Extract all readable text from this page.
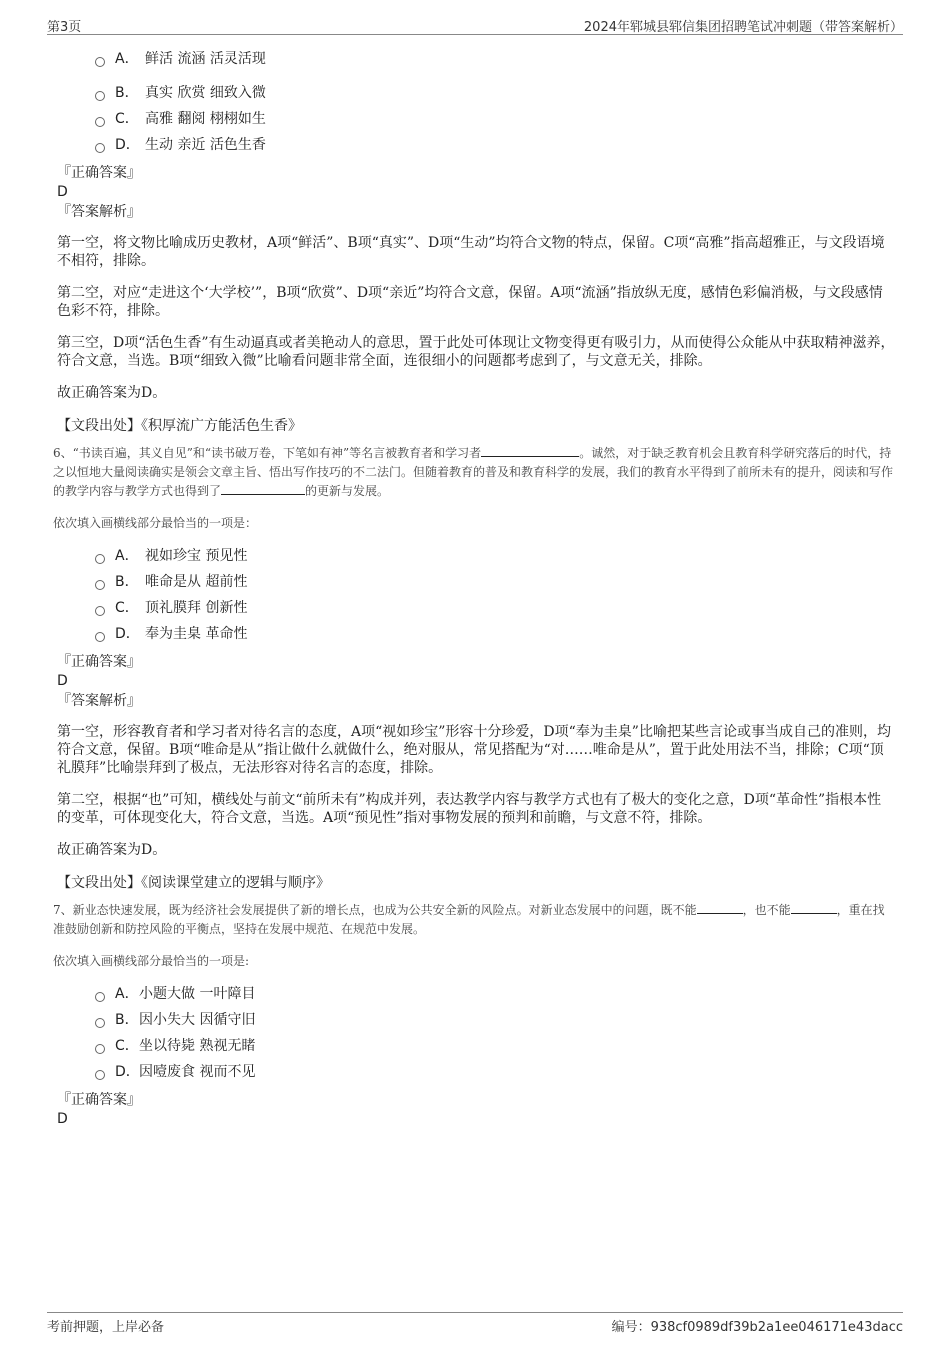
第3页	2024年郓城县郓信集团招聘笔试冲刺题（带答案解析）
A． 鲜活 流涵 活灵活现
B． 真实 欣赏 细致入微
C． 高雅 翻阅 栩栩如生
D． 生动 亲近 活色生香
『正确答案』
D
『答案解析』

第一空，将文物比喻成历史教材，A项“鲜活”、B项“真实”、D项“生动”均符合文物的特点，保留。C项“高雅”指高超雅正，与文段语境不相符，排除。

第二空，对应“走进这个‘大学校’”，B项“欣赏”、D项“亲近”均符合文意，保留。A项“流涵”指放纵无度，感情色彩偏消极，与文段感情色彩不符，排除。

第三空，D项“活色生香”有生动逼真或者美艳动人的意思，置于此处可体现让文物变得更有吸引力，从而使得公众能从中获取精神滋养，符合文意，当选。B项“细致入微”比喻看问题非常全面，连很细小的问题都考虑到了，与文意无关，排除。

故正确答案为D。

【文段出处】《积厚流广方能活色生香》
6、“书读百遍，其义自见”和“读书破万卷，下笔如有神”等名言被教育者和学习者	。诚然，对于缺乏教育机会且教育科学研究落后的时代，持之以恒地大量阅读确实是领会文章主旨、悟出写作技巧的不二法门。但随着教育的普及和教育科学的发展，我们的教育水平得到了前所未有的提升，阅读和写作的教学内容与教学方式也得到了	的更新与发展。
依次填入画横线部分最恰当的一项是：
A． 视如珍宝 预见性
B． 唯命是从 超前性
C． 顶礼膜拜 创新性
D． 奉为圭臬 革命性
『正确答案』
D
『答案解析』

第一空，形容教育者和学习者对待名言的态度，A项“视如珍宝”形容十分珍爱，D项“奉为圭臬”比喻把某些言论或事当成自己的准则，均符合文意，保留。B项“唯命是从”指让做什么就做什么，绝对服从，常见搭配为“对……唯命是从”，置于此处用法不当，排除；C项“顶礼膜拜”比喻崇拜到了极点，无法形容对待名言的态度，排除。

第二空，根据“也”可知，横线处与前文“前所未有”构成并列，表达教学内容与教学方式也有了极大的变化之意，D项“革命性”指根本性的变革，可体现变化大，符合文意，当选。A项“预见性”指对事物发展的预判和前瞻，与文意不符，排除。

故正确答案为D。

【文段出处】《阅读课堂建立的逻辑与顺序》
7、新业态快速发展，既为经济社会发展提供了新的增长点，也成为公共安全新的风险点。对新业态发展中的问题，既不能	，也不能	，重在找准鼓励创新和防控风险的平衡点，坚持在发展中规范、在规范中发展。
依次填入画横线部分最恰当的一项是:
A．小题大做 一叶障目
B．因小失大 因循守旧
C．坐以待毙 熟视无睹
D．因噎废食 视而不见
『正确答案』
D
考前押题，上岸必备	编号：938cf0989df39b2a1ee046171e43dacc
